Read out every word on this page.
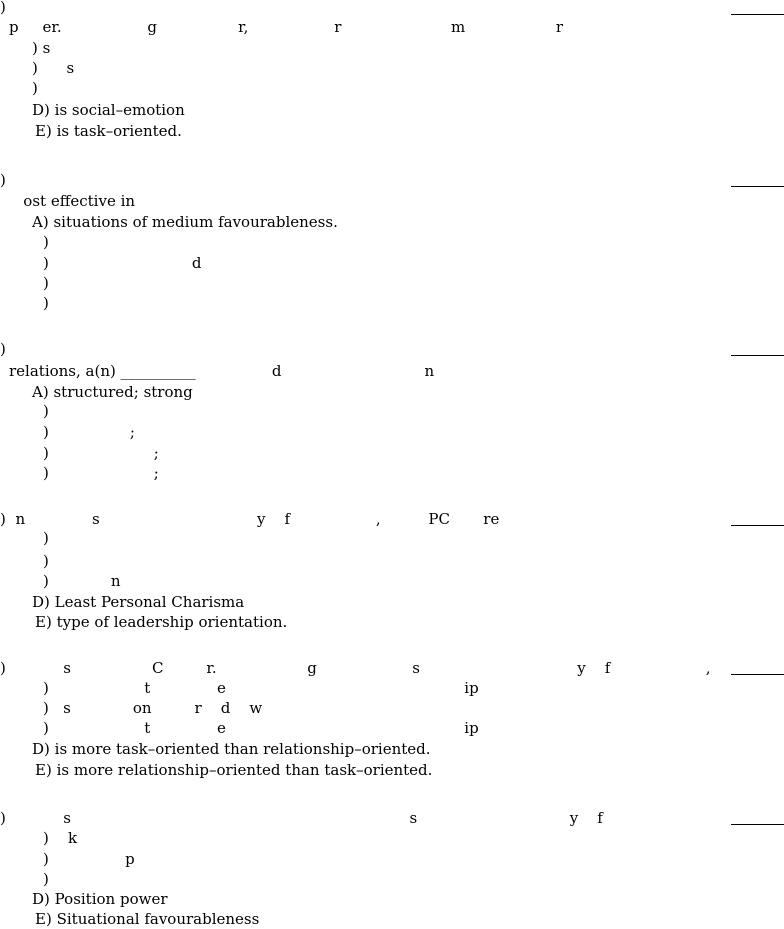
)
p     er.                  g                 r,                  r                       m                   r
) s
)      s
)
D) is social–emotion
E) is task–oriented.
)
ost effective in
A) situations of medium favourableness.
)
)                              d
)
)
)
relations, a(n) __________                d                              n
A) structured; strong
)
)                 ;
)                      ;
)                      ;
) n              s                                 y    f                  ,          PC       re
)
)
)             n
D) Least Personal Charisma
E) type of leadership orientation.
) s                 C         r.                   g                    s                                 y    f                    ,
)                    t              e                                                  ip
)   s             on         r    d    w
)                    t              e                                                  ip
D) is more task–oriented than relationship–oriented.
E) is more relationship–oriented than task–oriented.
) s                                                                       s                                y    f
)    k
)                p
)
D) Position power
E) Situational favourableness
